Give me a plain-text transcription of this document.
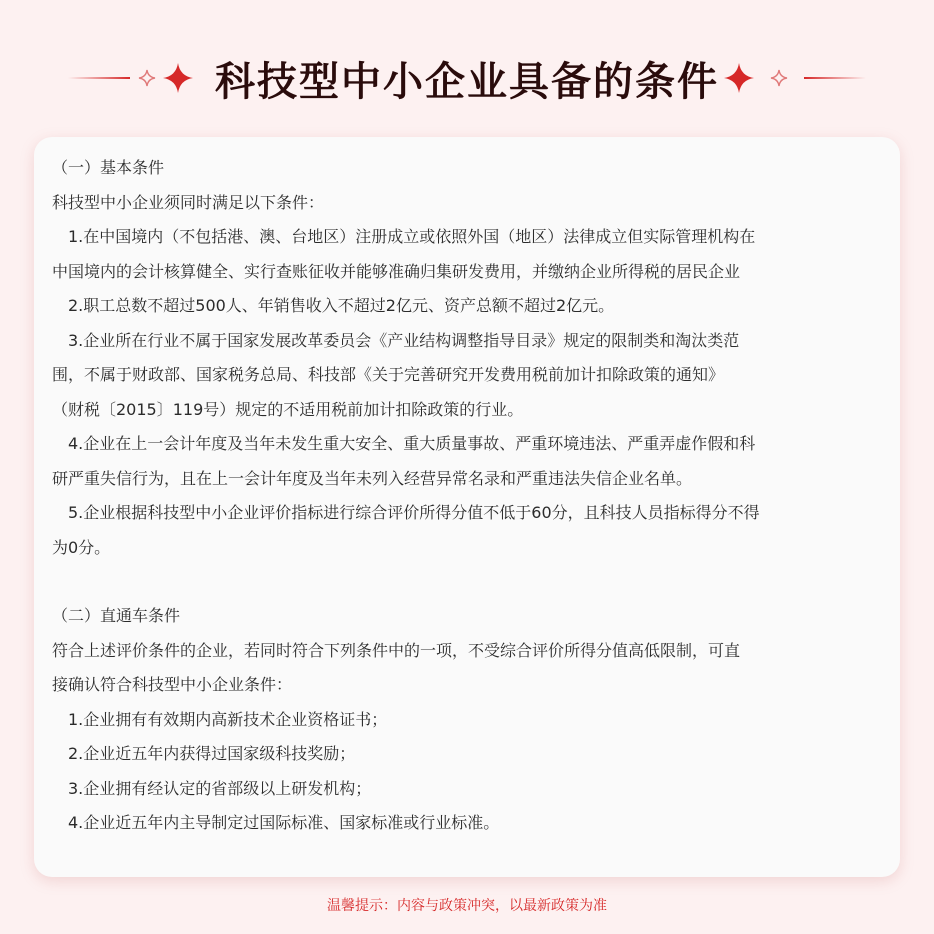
科技型中小企业具备的条件

（一）基本条件

科技型中小企业须同时满足以下条件：

1.在中国境内（不包括港、澳、台地区）注册成立或依照外国（地区）法律成立但实际管理机构在

中国境内的会计核算健全、实行查账征收并能够准确归集研发费用，并缴纳企业所得税的居民企业

2.职工总数不超过500人、年销售收入不超过2亿元、资产总额不超过2亿元。

3.企业所在行业不属于国家发展改革委员会《产业结构调整指导目录》规定的限制类和淘汰类范

围，不属于财政部、国家税务总局、科技部《关于完善研究开发费用税前加计扣除政策的通知》

（财税〔2015〕119号）规定的不适用税前加计扣除政策的行业。

4.企业在上一会计年度及当年未发生重大安全、重大质量事故、严重环境违法、严重弄虚作假和科

研严重失信行为，且在上一会计年度及当年未列入经营异常名录和严重违法失信企业名单。

5.企业根据科技型中小企业评价指标进行综合评价所得分值不低于60分，且科技人员指标得分不得

为0分。

（二）直通车条件

符合上述评价条件的企业，若同时符合下列条件中的一项，不受综合评价所得分值高低限制，可直

接确认符合科技型中小企业条件：

1.企业拥有有效期内高新技术企业资格证书；

2.企业近五年内获得过国家级科技奖励；

3.企业拥有经认定的省部级以上研发机构；

4.企业近五年内主导制定过国际标准、国家标准或行业标准。

温馨提示：内容与政策冲突，以最新政策为准
